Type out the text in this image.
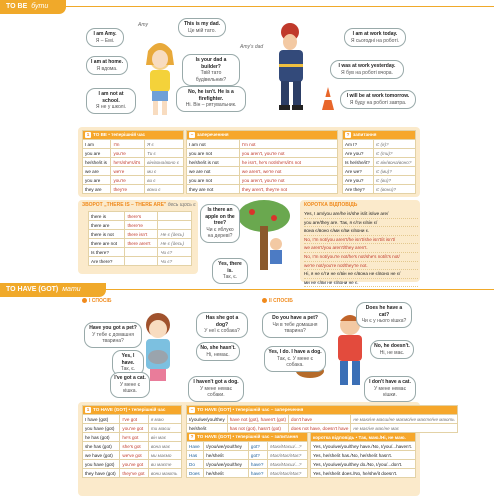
TO BE бути
Amy
Amy's dad
I am Amy.
Я – Емі.
I am at home.
Я вдома.
I am not at school.
Я не у школі.
This is my dad.
Це мій тато.
Is your dad a builder?
Твій тато будівельник?
No, he isn't. He is a firefighter.
Ні. Він – рятувальник.
I am at work today.
Я сьогодні на роботі.
I was at work yesterday.
Я був на роботі вчора.
I will be at work tomorrow.
Я буду на роботі завтра.
1 TO BE • теперішній час		
I am	I'm	Я є
you are	you're	Ти є
he/she/it is	he's/she's/it's	він/вона/воно є
we are	we're	ми є
you are	you're	ви є
they are	they're	вони є
– запереченння	
I am not	I'm not
you are not	you aren't, you're not
he/she/it is not	he isn't, he's not/she's/it's not
we are not	we aren't, we're not
you are not	you aren't, you're not
they are not	they aren't, they're not
? запитання	
Am I?	Є (я)?
Are you?	Є (ти)?
Is he/she/it?	Є він/вона/воно?
Are we?	Є (ми)?
Are you?	Є (ви)?
Are they?	Є (вони)?
ЗВОРОТ „THERE IS – THERE ARE" десь щось є
there is	there's	
there are	there're	
there is not	there isn't	Не є (десь)
there are not	there aren't	Не є (десь)
Is there?		Чи є?
Are there?		Чи є?
Is there an apple on the tree?
Чи є яблуко на дереві?
Yes, there is.
Так, є.
КОРОТКА ВІДПОВІДЬ
Yes, I am/you are/he is/she is/it is/we are/
you are/they are. Так, я є/ти є/він є/
вона є/воно є/ми є/ви є/вони є.
No, I'm not/you aren't/he isn't/she isn't/it isn't/
we aren't/you aren't/they aren't.
No, I'm not/you're not/he's not/she's not/it's not/
we're not/you're not/they're not.
Ні, я не є/ти не є/він не є/вона не є/воно не є/
ми не є/ви не є/вони не є.
TO HAVE (GOT) мати
I СПОСІБ	II СПОСІБ
Have you got a pet?
У тебе є домашня тварина?
Has she got a dog?
У неї є собака?
Yes, I have.
Так, є.
No, she hasn't.
Ні, немає.
I've got a cat.
У мене є кішка.
I haven't got a dog.
У мене немає собаки.
Do you have a pet?
Чи в тебе домашня тварина?
Does he have a cat?
Чи є у нього кішка?
Yes, I do. I have a dog.
Так, є. У мене є собака.
No, he doesn't.
Ні, не має.
I don't have a cat.
У мене немає кішки.
1 TO HAVE (GOT) • теперішній час		
I have (got)	I've got	я маю
you have (got)	you've got	ти маєш
he has (got)	he's got	він має
she has (got)	she's got	вона має
we have (got)	we've got	ми маємо
you have (got)	you've got	ви маєте
they have (got)	they've got	вони мають
– TO HAVE (GOT) • теперішній час – заперечення			
I/you/we/you/they	have not (got), haven't (got)	don't have	не маю/не маєш/не маємо/не маєте/не мають
he/she/it	has not (got), hasn't (got)	does not have, doesn't have	не має/не має/не має
? TO HAVE (GOT) • теперішній час – запитання			
Have	I/you/we/you/they	got?	Маю/Маєш/...?
Has	he/she/it	got?	Має/Має/Має?
Do	I/you/we/you/they	have?	Маю/Маєш/...?
Does	he/she/it	have?	Має/Має/Має?
коротка відповідь • Так, маю./Ні, не маю.
Yes, I/you/we/you/they have./No, I/you/...haven't.
Yes, he/she/it has./No, he/she/it hasn't.
Yes, I/you/we/you/they do./No, I/you/...don't.
Yes, he/she/it does./No, he/she/it doesn't.
